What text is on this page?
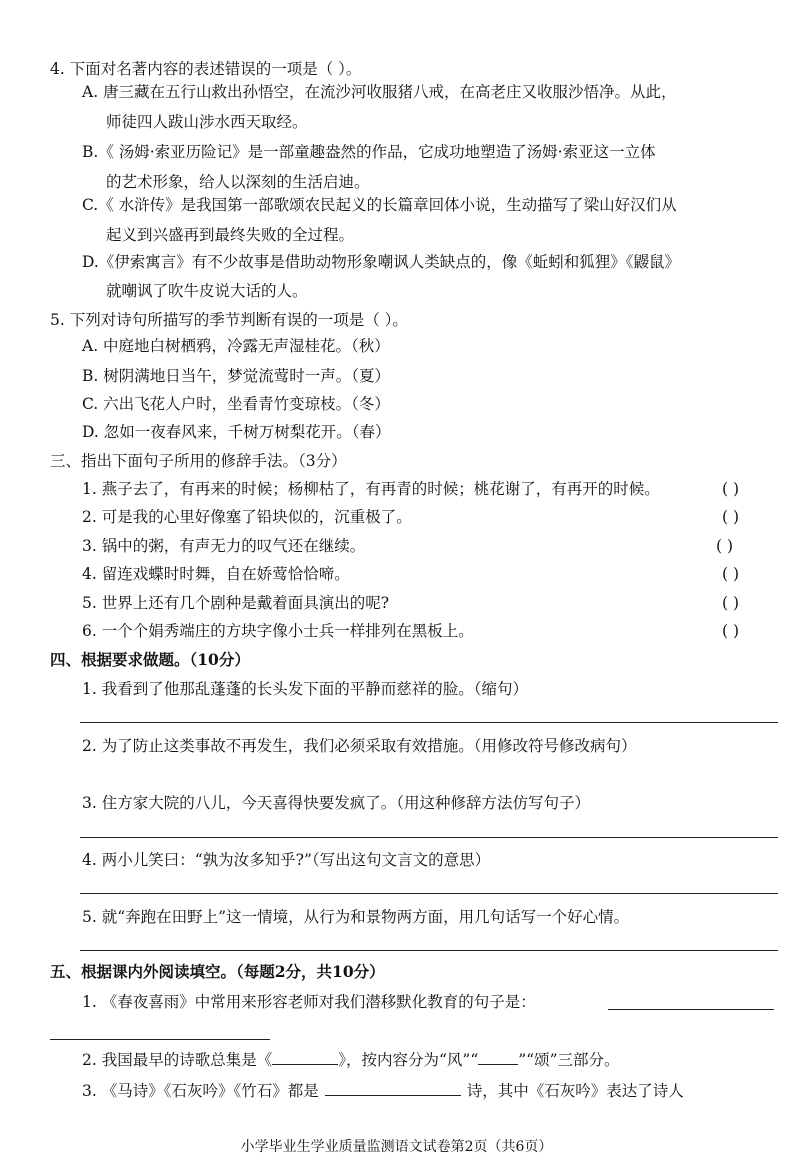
4. 下面对名著内容的表述错误的一项是（ ）。
A. 唐三藏在五行山救出孙悟空，在流沙河收服猪八戒，在高老庄又收服沙悟净。从此，
师徒四人跋山涉水西天取经。
B.《 汤姆·索亚历险记》是一部童趣盎然的作品，它成功地塑造了汤姆·索亚这一立体
的艺术形象，给人以深刻的生活启迪。
C.《 水浒传》是我国第一部歌颂农民起义的长篇章回体小说，生动描写了梁山好汉们从
起义到兴盛再到最终失败的全过程。
D.《伊索寓言》有不少故事是借助动物形象嘲讽人类缺点的，像《蚯蚓和狐狸》《鼹鼠》
就嘲讽了吹牛皮说大话的人。
5. 下列对诗句所描写的季节判断有误的一项是（ ）。
A. 中庭地白树栖鸦，冷露无声湿桂花。（秋）
B. 树阴满地日当午，梦觉流莺时一声。（夏）
C. 六出飞花人户时，坐看青竹变琼枝。（冬）
D. 忽如一夜春风来，千树万树梨花开。（春）
三、指出下面句子所用的修辞手法。（3分）
1. 燕子去了，有再来的时候；杨柳枯了，有再青的时候；桃花谢了，有再开的时候。	( )
2. 可是我的心里好像塞了铅块似的，沉重极了。	( )
3. 锅中的粥，有声无力的叹气还在继续。	( )
4. 留连戏蝶时时舞，自在娇莺恰恰啼。	( )
5. 世界上还有几个剧种是戴着面具演出的呢?	( )
6. 一个个娟秀端庄的方块字像小士兵一样排列在黑板上。	( )
四、根据要求做题。（10分）
1. 我看到了他那乱蓬蓬的长头发下面的平静而慈祥的脸。（缩句）
2. 为了防止这类事故不再发生，我们必须采取有效措施。（用修改符号修改病句）
3. 住方家大院的八儿，今天喜得快要发疯了。（用这种修辞方法仿写句子）
4. 两小儿笑曰：“孰为汝多知乎?”（写出这句文言文的意思）
5. 就“奔跑在田野上”这一情境，从行为和景物两方面，用几句话写一个好心情。
五、根据课内外阅读填空。（每题2分，共10分）
1. 《春夜喜雨》中常用来形容老师对我们潜移默化教育的句子是：
2. 我国最早的诗歌总集是《	》，按内容分为“风”“	”“颂”三部分。
3. 《马诗》《石灰吟》《竹石》都是	诗，其中《石灰吟》表达了诗人
小学毕业生学业质量监测语文试卷第2页（共6页）
